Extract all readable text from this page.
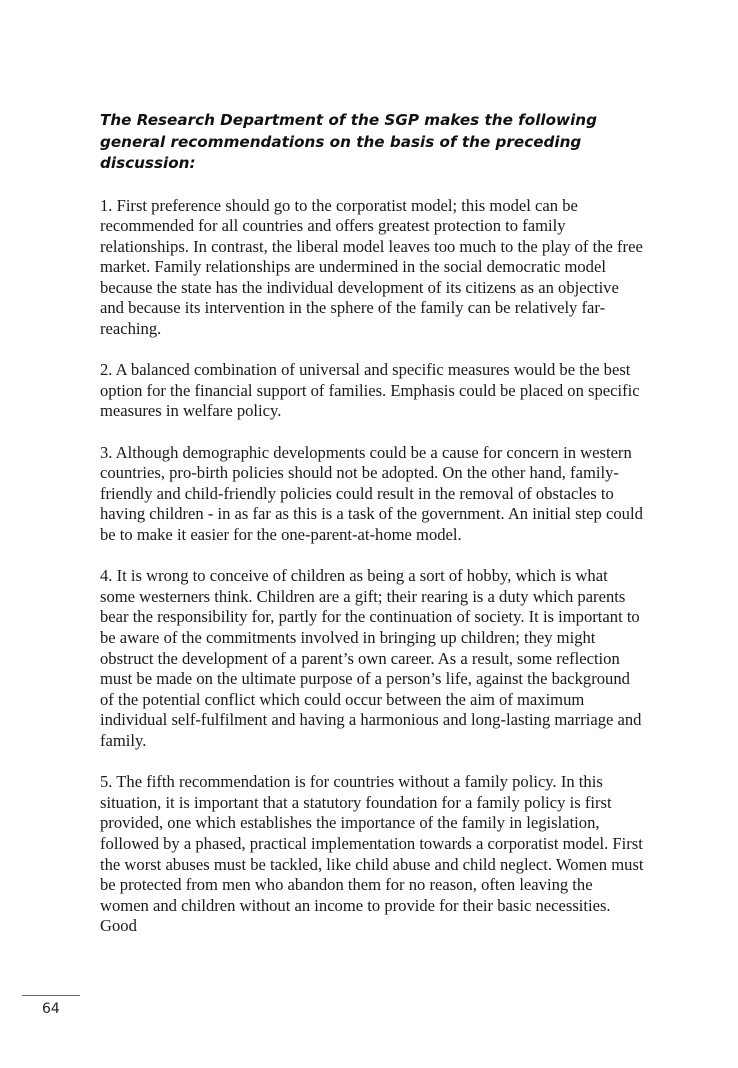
The Research Department of the SGP makes the following general recommendations on the basis of the preceding discussion:

1. First preference should go to the corporatist model; this model can be recommended for all countries and offers greatest protection to family relationships. In contrast, the liberal model leaves too much to the play of the free market. Family relationships are undermined in the social democratic model because the state has the individual development of its citizens as an objective and because its intervention in the sphere of the family can be relatively far-reaching.

2. A balanced combination of universal and specific measures would be the best option for the financial support of families. Emphasis could be placed on specific measures in welfare policy.

3. Although demographic developments could be a cause for concern in western countries, pro-birth policies should not be adopted. On the other hand, family-friendly and child-friendly policies could result in the removal of obstacles to having children - in as far as this is a task of the government. An initial step could be to make it easier for the one-parent-at-home model.

4. It is wrong to conceive of children as being a sort of hobby, which is what some westerners think. Children are a gift; their rearing is a duty which parents bear the responsibility for, partly for the continuation of society. It is important to be aware of the commitments involved in bringing up children; they might obstruct the development of a parent’s own career. As a result, some reflection must be made on the ultimate purpose of a person’s life, against the background of the potential conflict which could occur between the aim of maximum individual self-fulfilment and having a harmonious and long-lasting marriage and family.

5. The fifth recommendation is for countries without a family policy. In this situation, it is important that a statutory foundation for a family policy is first provided, one which establishes the importance of the family in legislation, followed by a phased, practical implementation towards a corporatist model. First the worst abuses must be tackled, like child abuse and child neglect. Women must be protected from men who abandon them for no reason, often leaving the women and children without an income to provide for their basic necessities. Good

64
